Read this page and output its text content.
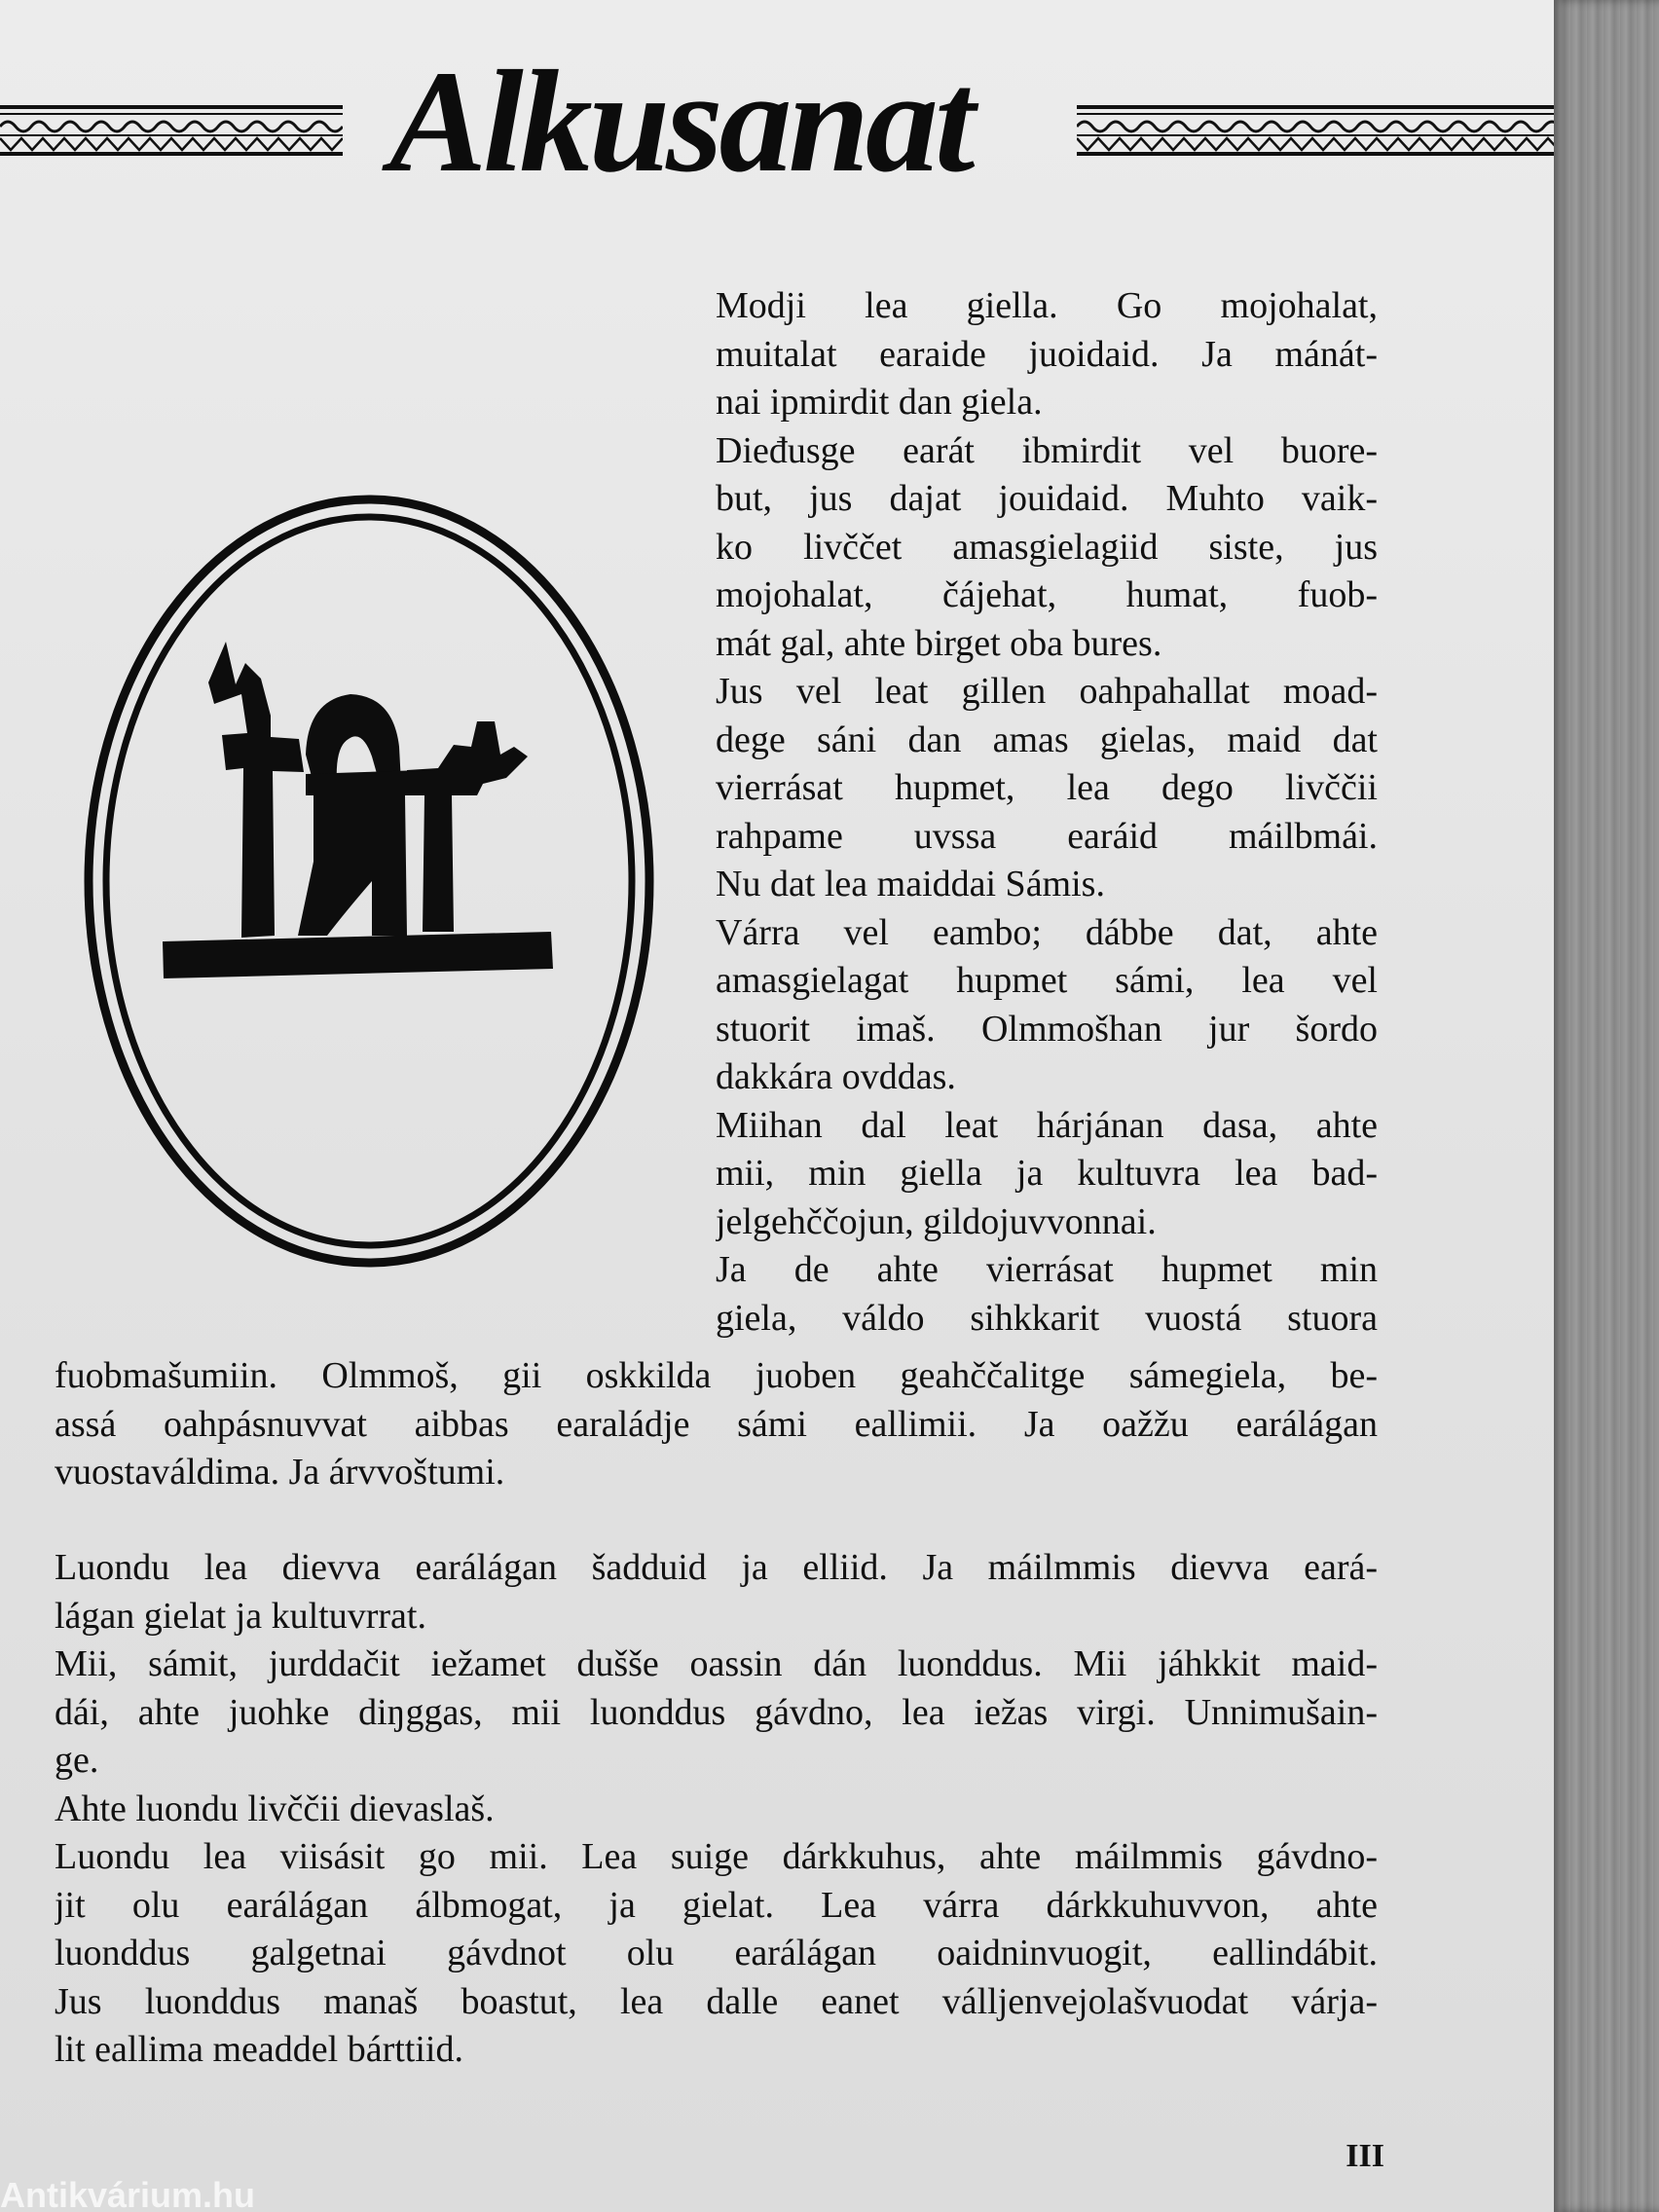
Alkusanat
Modji lea giella. Go mojohalat,
muitalat earaide juoidaid. Ja mánát-
nai ipmirdit dan giela.
Dieđusge earát ibmirdit vel buore-
but, jus dajat jouidaid. Muhto vaik-
ko livččet amasgielagiid siste, jus
mojohalat, čájehat, humat, fuob-
mát gal, ahte birget oba bures.
Jus vel leat gillen oahpahallat moad-
dege sáni dan amas gielas, maid dat
vierrásat hupmet, lea dego livččii
rahpame uvssa earáid máilbmái.
Nu dat lea maiddai Sámis.
Várra vel eambo; dábbe dat, ahte
amasgielagat hupmet sámi, lea vel
stuorit imaš. Olmmošhan jur šordo
dakkára ovddas.
Miihan dal leat hárjánan dasa, ahte
mii, min giella ja kultuvra lea bad-
jelgehččojun, gildojuvvonnai.
Ja de ahte vierrásat hupmet min
giela, váldo sihkkarit vuostá stuora
fuobmašumiin. Olmmoš, gii oskkilda juoben geahččalitge sámegiela, be-
assá oahpásnuvvat aibbas earaládje sámi eallimii. Ja oažžu earálágan
vuostaváldima. Ja árvvoštumi.
Luondu lea dievva earálágan šadduid ja elliid. Ja máilmmis dievva eará-
lágan gielat ja kultuvrrat.
Mii, sámit, jurddačit iežamet dušše oassin dán luonddus. Mii jáhkkit maid-
dái, ahte juohke diŋggas, mii luonddus gávdno, lea iežas virgi. Unnimušain-
ge.
Ahte luondu livččii dievaslaš.
Luondu lea viisásit go mii. Lea suige dárkkuhus, ahte máilmmis gávdno-
jit olu earálágan álbmogat, ja gielat. Lea várra dárkkuhuvvon, ahte
luonddus galgetnai gávdnot olu earálágan oaidninvuogit, eallindábit.
Jus luonddus manaš boastut, lea dalle eanet válljenvejolašvuodat várja-
lit eallima meaddel bárttiid.
III
Antikvárium.hu
